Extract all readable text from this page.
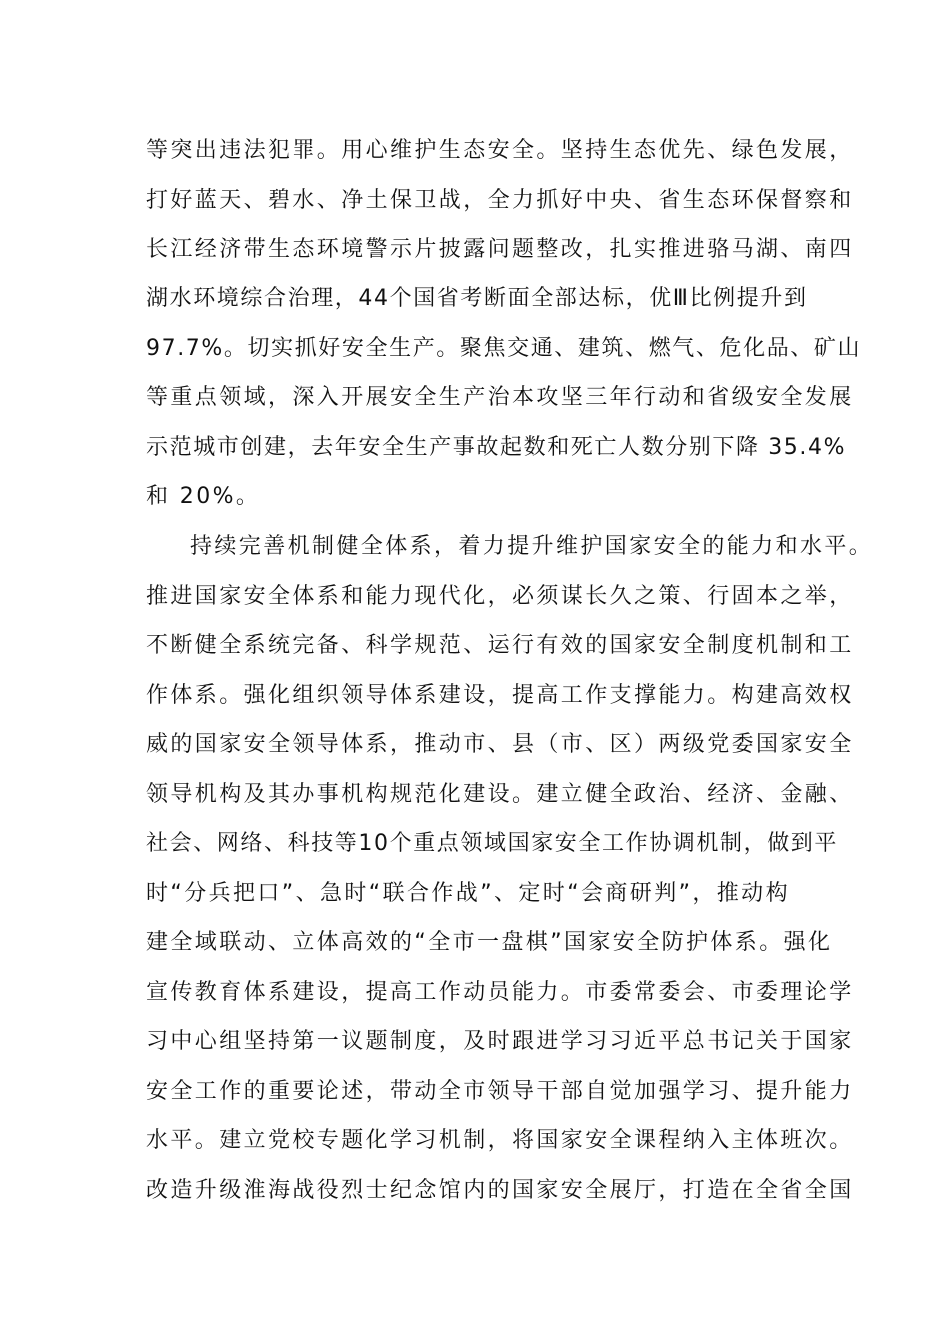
等突出违法犯罪。用心维护生态安全。坚持生态优先、绿色发展，
打好蓝天、碧水、净土保卫战，全力抓好中央、省生态环保督察和
长江经济带生态环境警示片披露问题整改，扎实推进骆马湖、南四
湖水环境综合治理，44个国省考断面全部达标，优Ⅲ比例提升到
97.7%。切实抓好安全生产。聚焦交通、建筑、燃气、危化品、矿山
等重点领域，深入开展安全生产治本攻坚三年行动和省级安全发展
示范城市创建，去年安全生产事故起数和死亡人数分别下降 35.4%
和 20%。
持续完善机制健全体系，着力提升维护国家安全的能力和水平。
推进国家安全体系和能力现代化，必须谋长久之策、行固本之举，
不断健全系统完备、科学规范、运行有效的国家安全制度机制和工
作体系。强化组织领导体系建设，提高工作支撑能力。构建高效权
威的国家安全领导体系，推动市、县（市、区）两级党委国家安全
领导机构及其办事机构规范化建设。建立健全政治、经济、金融、
社会、网络、科技等10个重点领域国家安全工作协调机制，做到平
时“分兵把口”、急时“联合作战”、定时“会商研判”，推动构
建全域联动、立体高效的“全市一盘棋”国家安全防护体系。强化
宣传教育体系建设，提高工作动员能力。市委常委会、市委理论学
习中心组坚持第一议题制度，及时跟进学习习近平总书记关于国家
安全工作的重要论述，带动全市领导干部自觉加强学习、提升能力
水平。建立党校专题化学习机制，将国家安全课程纳入主体班次。
改造升级淮海战役烈士纪念馆内的国家安全展厅，打造在全省全国
